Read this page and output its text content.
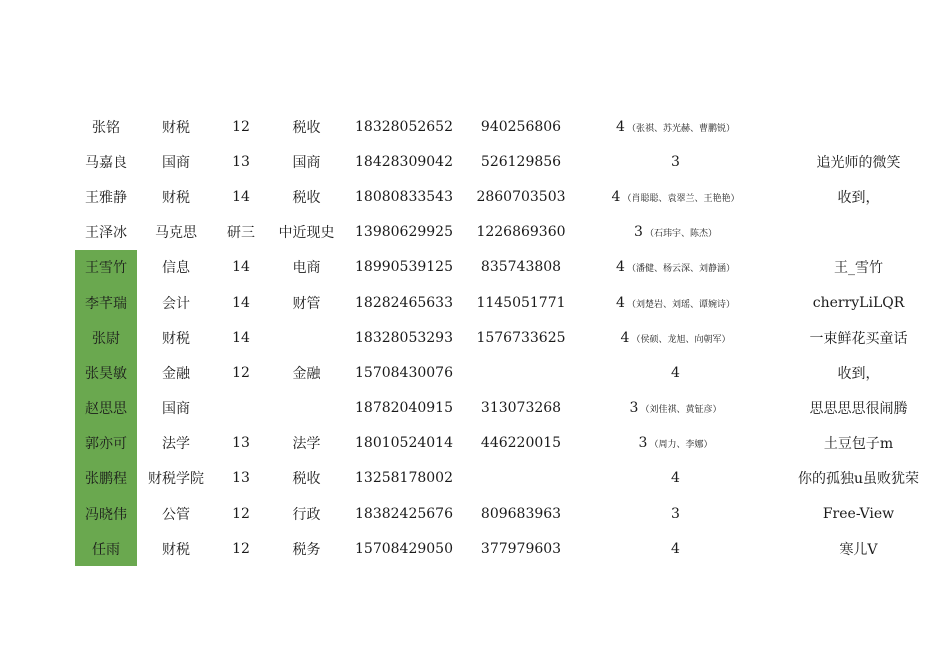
张铭	财税	12	税收	18328052652	940256806	4 （张祺、苏光赫、曹鹏锐）	
马嘉良	国商	13	国商	18428309042	526129856	3	追光师的微笑
王雅静	财税	14	税收	18080833543	2860703503	4 （肖聪聪、袁翠兰、王艳艳）	收到，
王泽冰	马克思	研三	中近现史	13980629925	1226869360	3 （石玮宇、陈杰）	
王雪竹	信息	14	电商	18990539125	835743808	4 （潘健、杨云深、刘静涵）	王_雪竹
李芊瑞	会计	14	财管	18282465633	1145051771	4 （刘楚岩、刘瑶、谭婉诗）	cherryLiLQR
张尉	财税	14		18328053293	1576733625	4 （侯硕、龙旭、向朝军）	一束鲜花买童话
张昊敏	金融	12	金融	15708430076		4	收到，
赵思思	国商			18782040915	313073268	3 （刘佳祺、黄钲彦）	思思思思很闹腾
郭亦可	法学	13	法学	18010524014	446220015	3 （周力、李娜）	土豆包子m
张鹏程	财税学院	13	税收	13258178002		4	你的孤独u虽败犹荣
冯晓伟	公管	12	行政	18382425676	809683963	3	Free-View
任雨	财税	12	税务	15708429050	377979603	4	寒儿V
